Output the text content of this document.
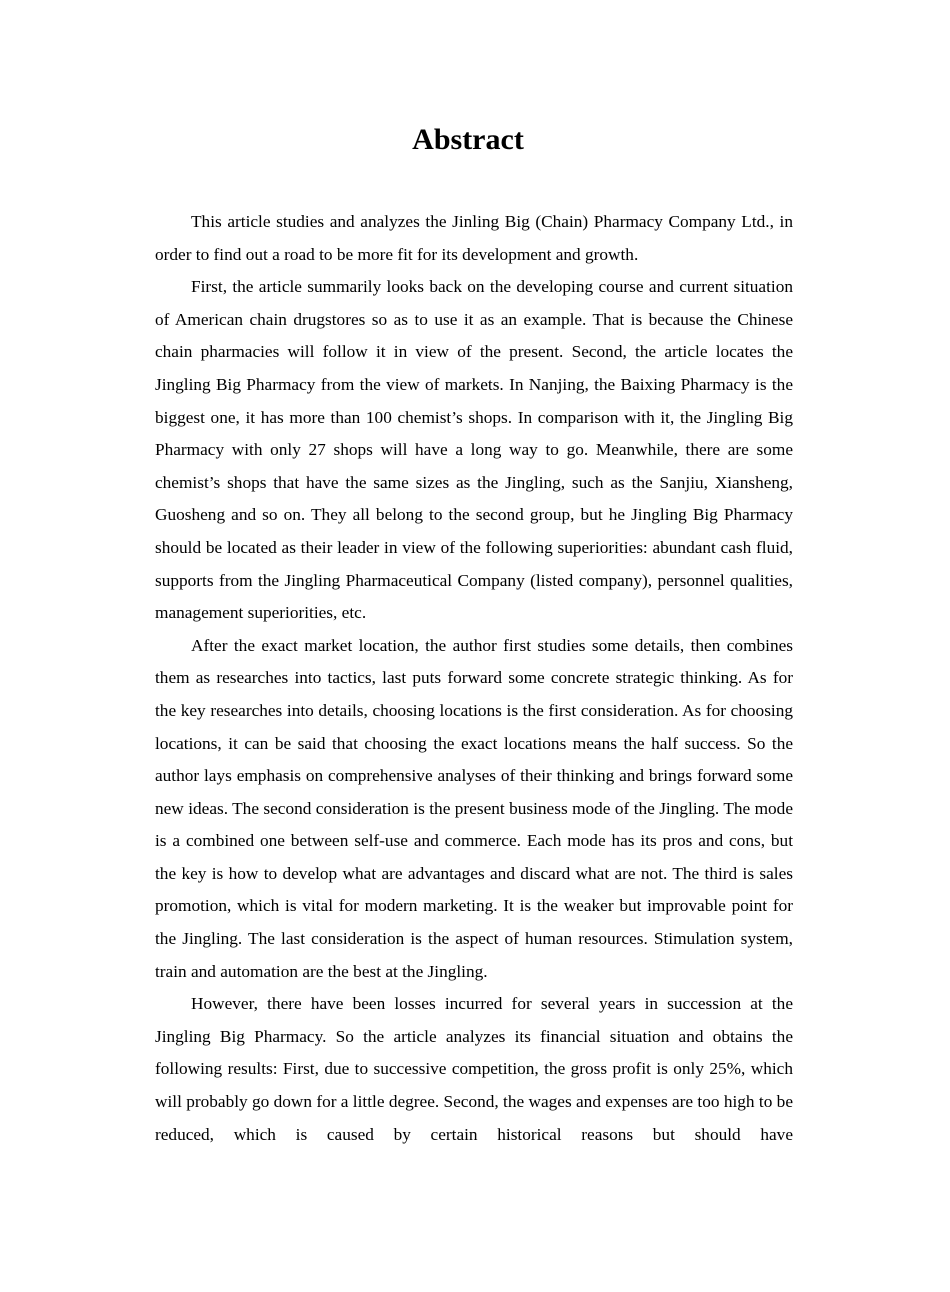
Abstract

This article studies and analyzes the Jinling Big (Chain) Pharmacy Company Ltd., in order to find out a road to be more fit for its development and growth.

First, the article summarily looks back on the developing course and current situation of American chain drugstores so as to use it as an example. That is because the Chinese chain pharmacies will follow it in view of the present. Second, the article locates the Jingling Big Pharmacy from the view of markets. In Nanjing, the Baixing Pharmacy is the biggest one, it has more than 100 chemist’s shops. In comparison with it, the Jingling Big Pharmacy with only 27 shops will have a long way to go. Meanwhile, there are some chemist’s shops that have the same sizes as the Jingling, such as the Sanjiu, Xiansheng, Guosheng and so on. They all belong to the second group, but he Jingling Big Pharmacy should be located as their leader in view of the following superiorities: abundant cash fluid, supports from the Jingling Pharmaceutical Company (listed company), personnel qualities, management superiorities, etc.

After the exact market location, the author first studies some details, then combines them as researches into tactics, last puts forward some concrete strategic thinking. As for the key researches into details, choosing locations is the first consideration. As for choosing locations, it can be said that choosing the exact locations means the half success. So the author lays emphasis on comprehensive analyses of their thinking and brings forward some new ideas. The second consideration is the present business mode of the Jingling. The mode is a combined one between self-use and commerce. Each mode has its pros and cons, but the key is how to develop what are advantages and discard what are not. The third is sales promotion, which is vital for modern marketing. It is the weaker but improvable point for the Jingling. The last consideration is the aspect of human resources. Stimulation system, train and automation are the best at the Jingling.

However, there have been losses incurred for several years in succession at the Jingling Big Pharmacy. So the article analyzes its financial situation and obtains the following results: First, due to successive competition, the gross profit is only 25%, which will probably go down for a little degree. Second, the wages and expenses are too high to be reduced, which is caused by certain historical reasons but should have
